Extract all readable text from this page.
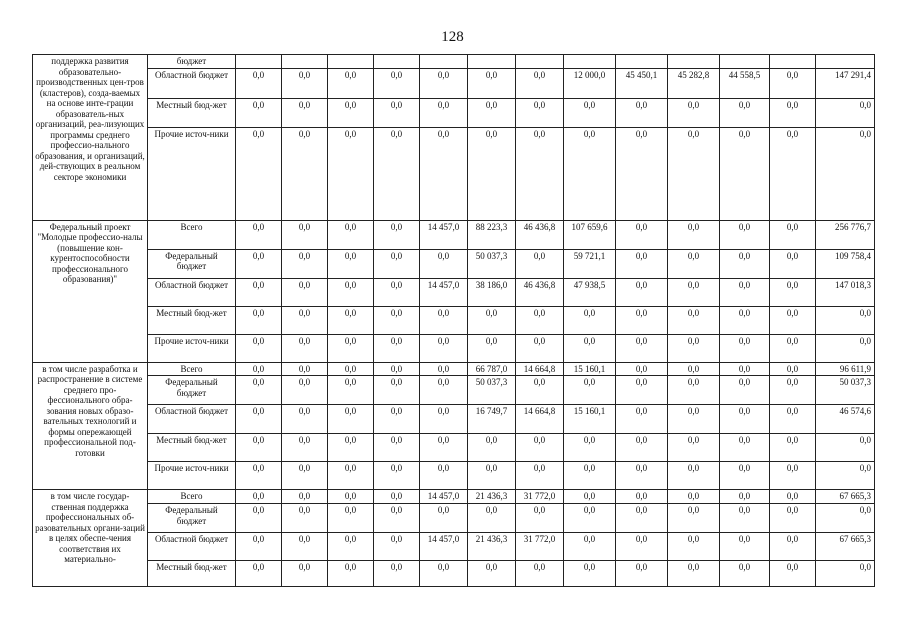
128
поддержка развития образовательно-производственных цен-тров (кластеров), созда-ваемых на основе инте-грации образователь-ных организаций, реа-лизующих программы среднего профессио-нального образования, и организаций, дей-ствующих в реальном секторе экономики	бюджет													
	Областной бюджет	0,0	0,0	0,0	0,0	0,0	0,0	0,0	12 000,0	45 450,1	45 282,8	44 558,5	0,0	147 291,4
	Местный бюд-жет	0,0	0,0	0,0	0,0	0,0	0,0	0,0	0,0	0,0	0,0	0,0	0,0	0,0
	Прочие источ-ники	0,0	0,0	0,0	0,0	0,0	0,0	0,0	0,0	0,0	0,0	0,0	0,0	0,0
Федеральный проект "Молодые профессио-налы (повышение кон-курентоспособности профессионального образования)"	Всего	0,0	0,0	0,0	0,0	14 457,0	88 223,3	46 436,8	107 659,6	0,0	0,0	0,0	0,0	256 776,7
	Федеральный бюджет	0,0	0,0	0,0	0,0	0,0	50 037,3	0,0	59 721,1	0,0	0,0	0,0	0,0	109 758,4
	Областной бюджет	0,0	0,0	0,0	0,0	14 457,0	38 186,0	46 436,8	47 938,5	0,0	0,0	0,0	0,0	147 018,3
	Местный бюд-жет	0,0	0,0	0,0	0,0	0,0	0,0	0,0	0,0	0,0	0,0	0,0	0,0	0,0
	Прочие источ-ники	0,0	0,0	0,0	0,0	0,0	0,0	0,0	0,0	0,0	0,0	0,0	0,0	0,0
в том числе разработка и распространение в системе среднего про-фессионального обра-зования новых образо-вательных технологий и формы опережающей профессиональной под-готовки	Всего	0,0	0,0	0,0	0,0	0,0	66 787,0	14 664,8	15 160,1	0,0	0,0	0,0	0,0	96 611,9
	Федеральный бюджет	0,0	0,0	0,0	0,0	0,0	50 037,3	0,0	0,0	0,0	0,0	0,0	0,0	50 037,3
	Областной бюджет	0,0	0,0	0,0	0,0	0,0	16 749,7	14 664,8	15 160,1	0,0	0,0	0,0	0,0	46 574,6
	Местный бюд-жет	0,0	0,0	0,0	0,0	0,0	0,0	0,0	0,0	0,0	0,0	0,0	0,0	0,0
	Прочие источ-ники	0,0	0,0	0,0	0,0	0,0	0,0	0,0	0,0	0,0	0,0	0,0	0,0	0,0
в том числе государ-ственная поддержка профессиональных об-разовательных органи-заций в целях обеспе-чения соответствия их материально-	Всего	0,0	0,0	0,0	0,0	14 457,0	21 436,3	31 772,0	0,0	0,0	0,0	0,0	0,0	67 665,3
	Федеральный бюджет	0,0	0,0	0,0	0,0	0,0	0,0	0,0	0,0	0,0	0,0	0,0	0,0	0,0
	Областной бюджет	0,0	0,0	0,0	0,0	14 457,0	21 436,3	31 772,0	0,0	0,0	0,0	0,0	0,0	67 665,3
	Местный бюд-жет	0,0	0,0	0,0	0,0	0,0	0,0	0,0	0,0	0,0	0,0	0,0	0,0	0,0
